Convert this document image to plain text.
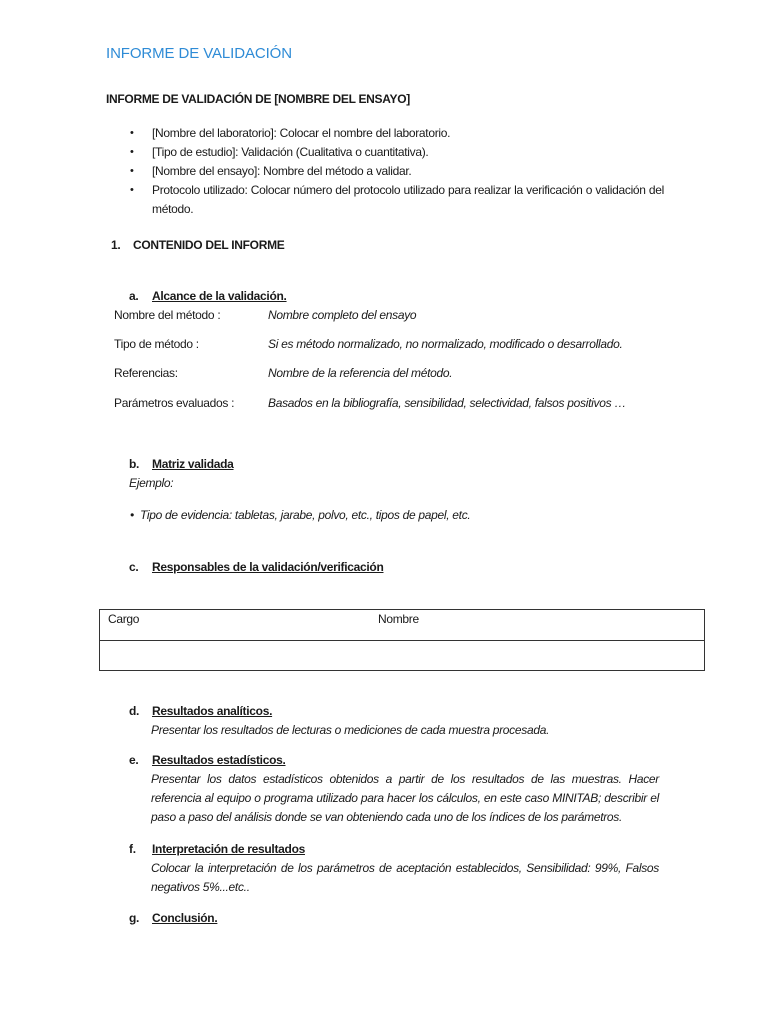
INFORME DE VALIDACIÓN
INFORME DE VALIDACIÓN DE [NOMBRE DEL ENSAYO]
• [Nombre del laboratorio]: Colocar el nombre del laboratorio.
• [Tipo de estudio]: Validación (Cualitativa o cuantitativa).
• [Nombre del ensayo]: Nombre del método a validar.
• Protocolo utilizado: Colocar número del protocolo utilizado para realizar la verificación o validación del método.
1. CONTENIDO DEL INFORME
a. Alcance de la validación.
Nombre del método :	Nombre completo del ensayo
Tipo de método :	Si es método normalizado, no normalizado, modificado o desarrollado.
Referencias:	Nombre de la referencia del método.
Parámetros evaluados :	Basados en la bibliografía, sensibilidad, selectividad, falsos positivos …
b. Matriz validada
Ejemplo:
• Tipo de evidencia: tabletas, jarabe, polvo, etc., tipos de papel, etc.
c. Responsables de la validación/verificación
Cargo	Nombre
d. Resultados analíticos.
Presentar los resultados de lecturas o mediciones de cada muestra procesada.
e. Resultados estadísticos.
Presentar los datos estadísticos obtenidos a partir de los resultados de las muestras. Hacer referencia al equipo o programa utilizado para hacer los cálculos, en este caso MINITAB; describir el paso a paso del análisis donde se van obteniendo cada uno de los índices de los parámetros.
f. Interpretación de resultados
Colocar la interpretación de los parámetros de aceptación establecidos, Sensibilidad: 99%, Falsos negativos 5%...etc..
g. Conclusión.
